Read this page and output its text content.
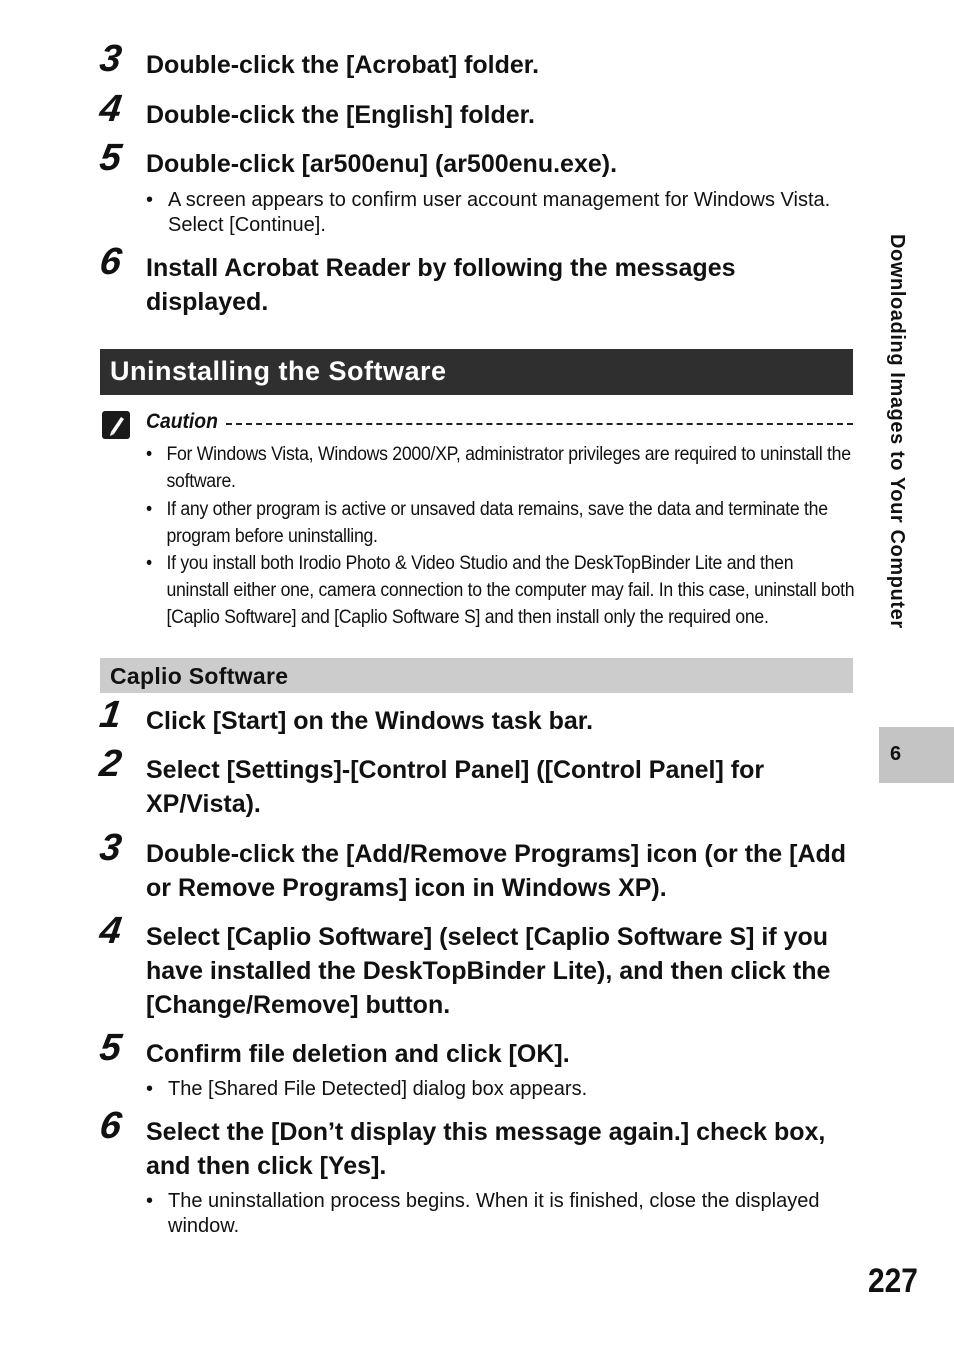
3 Double-click the [Acrobat] folder.
4 Double-click the [English] folder.
5 Double-click [ar500enu] (ar500enu.exe).
• A screen appears to confirm user account management for Windows Vista. Select [Continue].
6 Install Acrobat Reader by following the messages displayed.
Uninstalling the Software
Caution
• For Windows Vista, Windows 2000/XP, administrator privileges are required to uninstall the software.
• If any other program is active or unsaved data remains, save the data and terminate the program before uninstalling.
• If you install both Irodio Photo & Video Studio and the DeskTopBinder Lite and then uninstall either one, camera connection to the computer may fail. In this case, uninstall both [Caplio Software] and [Caplio Software S] and then install only the required one.
Caplio Software
1 Click [Start] on the Windows task bar.
2 Select [Settings]-[Control Panel] ([Control Panel] for XP/Vista).
3 Double-click the [Add/Remove Programs] icon (or the [Add or Remove Programs] icon in Windows XP).
4 Select [Caplio Software] (select [Caplio Software S] if you have installed the DeskTopBinder Lite), and then click the [Change/Remove] button.
5 Confirm file deletion and click [OK].
• The [Shared File Detected] dialog box appears.
6 Select the [Don’t display this message again.] check box, and then click [Yes].
• The uninstallation process begins. When it is finished, close the displayed window.
Downloading Images to Your Computer
6
227
